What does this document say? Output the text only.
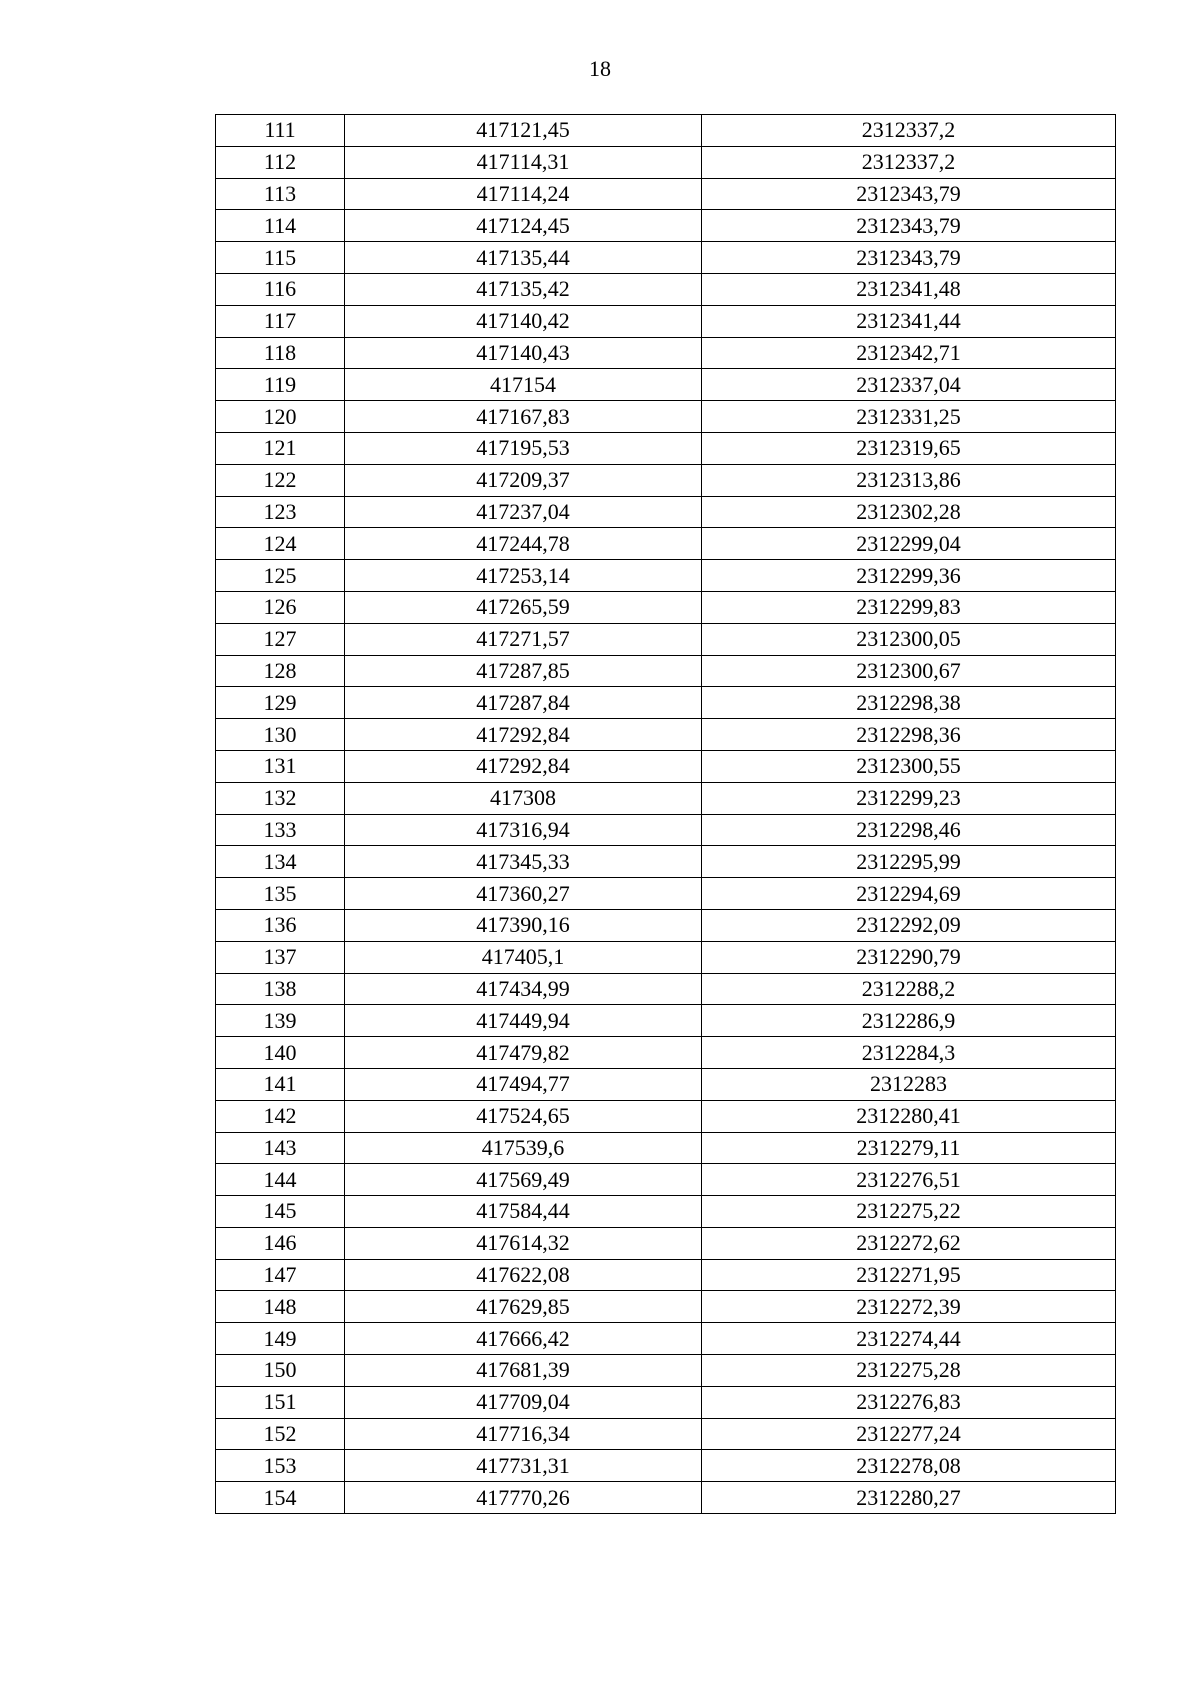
18
111	417121,45	2312337,2
112	417114,31	2312337,2
113	417114,24	2312343,79
114	417124,45	2312343,79
115	417135,44	2312343,79
116	417135,42	2312341,48
117	417140,42	2312341,44
118	417140,43	2312342,71
119	417154	2312337,04
120	417167,83	2312331,25
121	417195,53	2312319,65
122	417209,37	2312313,86
123	417237,04	2312302,28
124	417244,78	2312299,04
125	417253,14	2312299,36
126	417265,59	2312299,83
127	417271,57	2312300,05
128	417287,85	2312300,67
129	417287,84	2312298,38
130	417292,84	2312298,36
131	417292,84	2312300,55
132	417308	2312299,23
133	417316,94	2312298,46
134	417345,33	2312295,99
135	417360,27	2312294,69
136	417390,16	2312292,09
137	417405,1	2312290,79
138	417434,99	2312288,2
139	417449,94	2312286,9
140	417479,82	2312284,3
141	417494,77	2312283
142	417524,65	2312280,41
143	417539,6	2312279,11
144	417569,49	2312276,51
145	417584,44	2312275,22
146	417614,32	2312272,62
147	417622,08	2312271,95
148	417629,85	2312272,39
149	417666,42	2312274,44
150	417681,39	2312275,28
151	417709,04	2312276,83
152	417716,34	2312277,24
153	417731,31	2312278,08
154	417770,26	2312280,27
